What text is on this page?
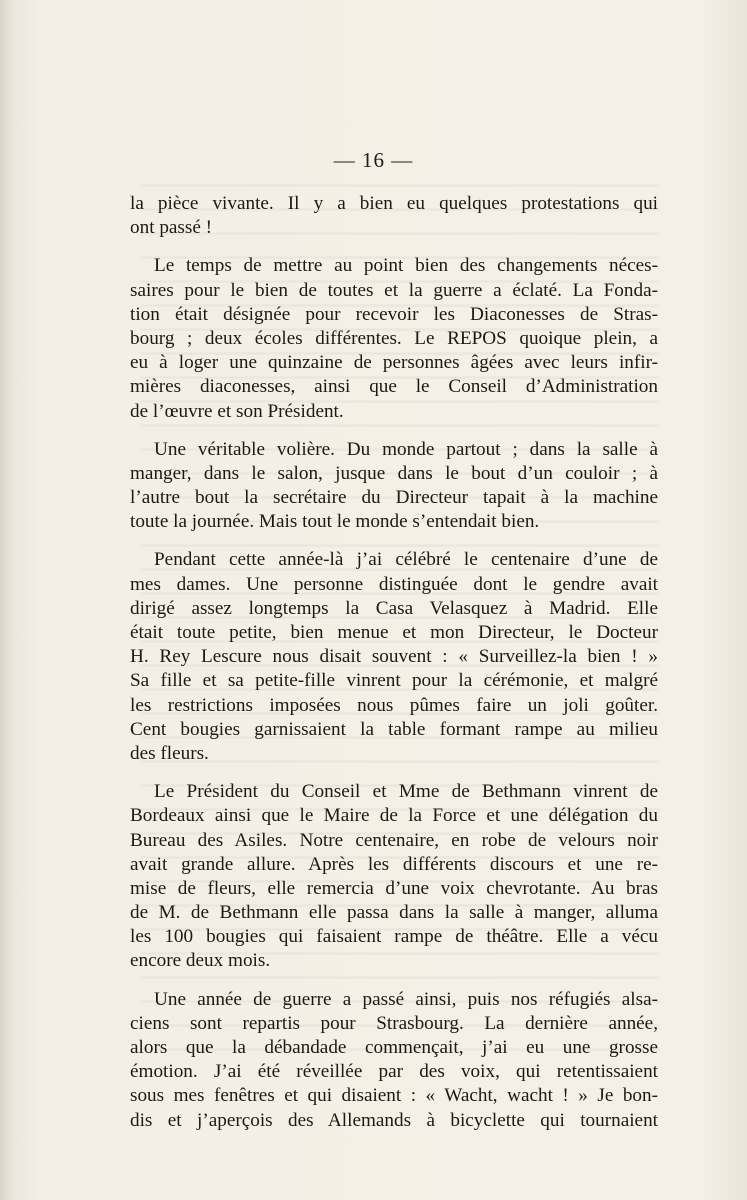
— 16 —
la pièce vivante. Il y a bien eu quelques protestations qui
ont passé !
Le temps de mettre au point bien des changements néces-
saires pour le bien de toutes et la guerre a éclaté. La Fonda-
tion était désignée pour recevoir les Diaconesses de Stras-
bourg ; deux écoles différentes. Le REPOS quoique plein, a
eu à loger une quinzaine de personnes âgées avec leurs infir-
mières diaconesses, ainsi que le Conseil d’Administration
de l’œuvre et son Président.
Une véritable volière. Du monde partout ; dans la salle à
manger, dans le salon, jusque dans le bout d’un couloir ; à
l’autre bout la secrétaire du Directeur tapait à la machine
toute la journée. Mais tout le monde s’entendait bien.
Pendant cette année-là j’ai célébré le centenaire d’une de
mes dames. Une personne distinguée dont le gendre avait
dirigé assez longtemps la Casa Velasquez à Madrid. Elle
était toute petite, bien menue et mon Directeur, le Docteur
H. Rey Lescure nous disait souvent : « Surveillez-la bien ! »
Sa fille et sa petite-fille vinrent pour la cérémonie, et malgré
les restrictions imposées nous pûmes faire un joli goûter.
Cent bougies garnissaient la table formant rampe au milieu
des fleurs.
Le Président du Conseil et Mme de Bethmann vinrent de
Bordeaux ainsi que le Maire de la Force et une délégation du
Bureau des Asiles. Notre centenaire, en robe de velours noir
avait grande allure. Après les différents discours et une re-
mise de fleurs, elle remercia d’une voix chevrotante. Au bras
de M. de Bethmann elle passa dans la salle à manger, alluma
les 100 bougies qui faisaient rampe de théâtre. Elle a vécu
encore deux mois.
Une année de guerre a passé ainsi, puis nos réfugiés alsa-
ciens sont repartis pour Strasbourg. La dernière année,
alors que la débandade commençait, j’ai eu une grosse
émotion. J’ai été réveillée par des voix, qui retentissaient
sous mes fenêtres et qui disaient : « Wacht, wacht ! » Je bon-
dis et j’aperçois des Allemands à bicyclette qui tournaient
